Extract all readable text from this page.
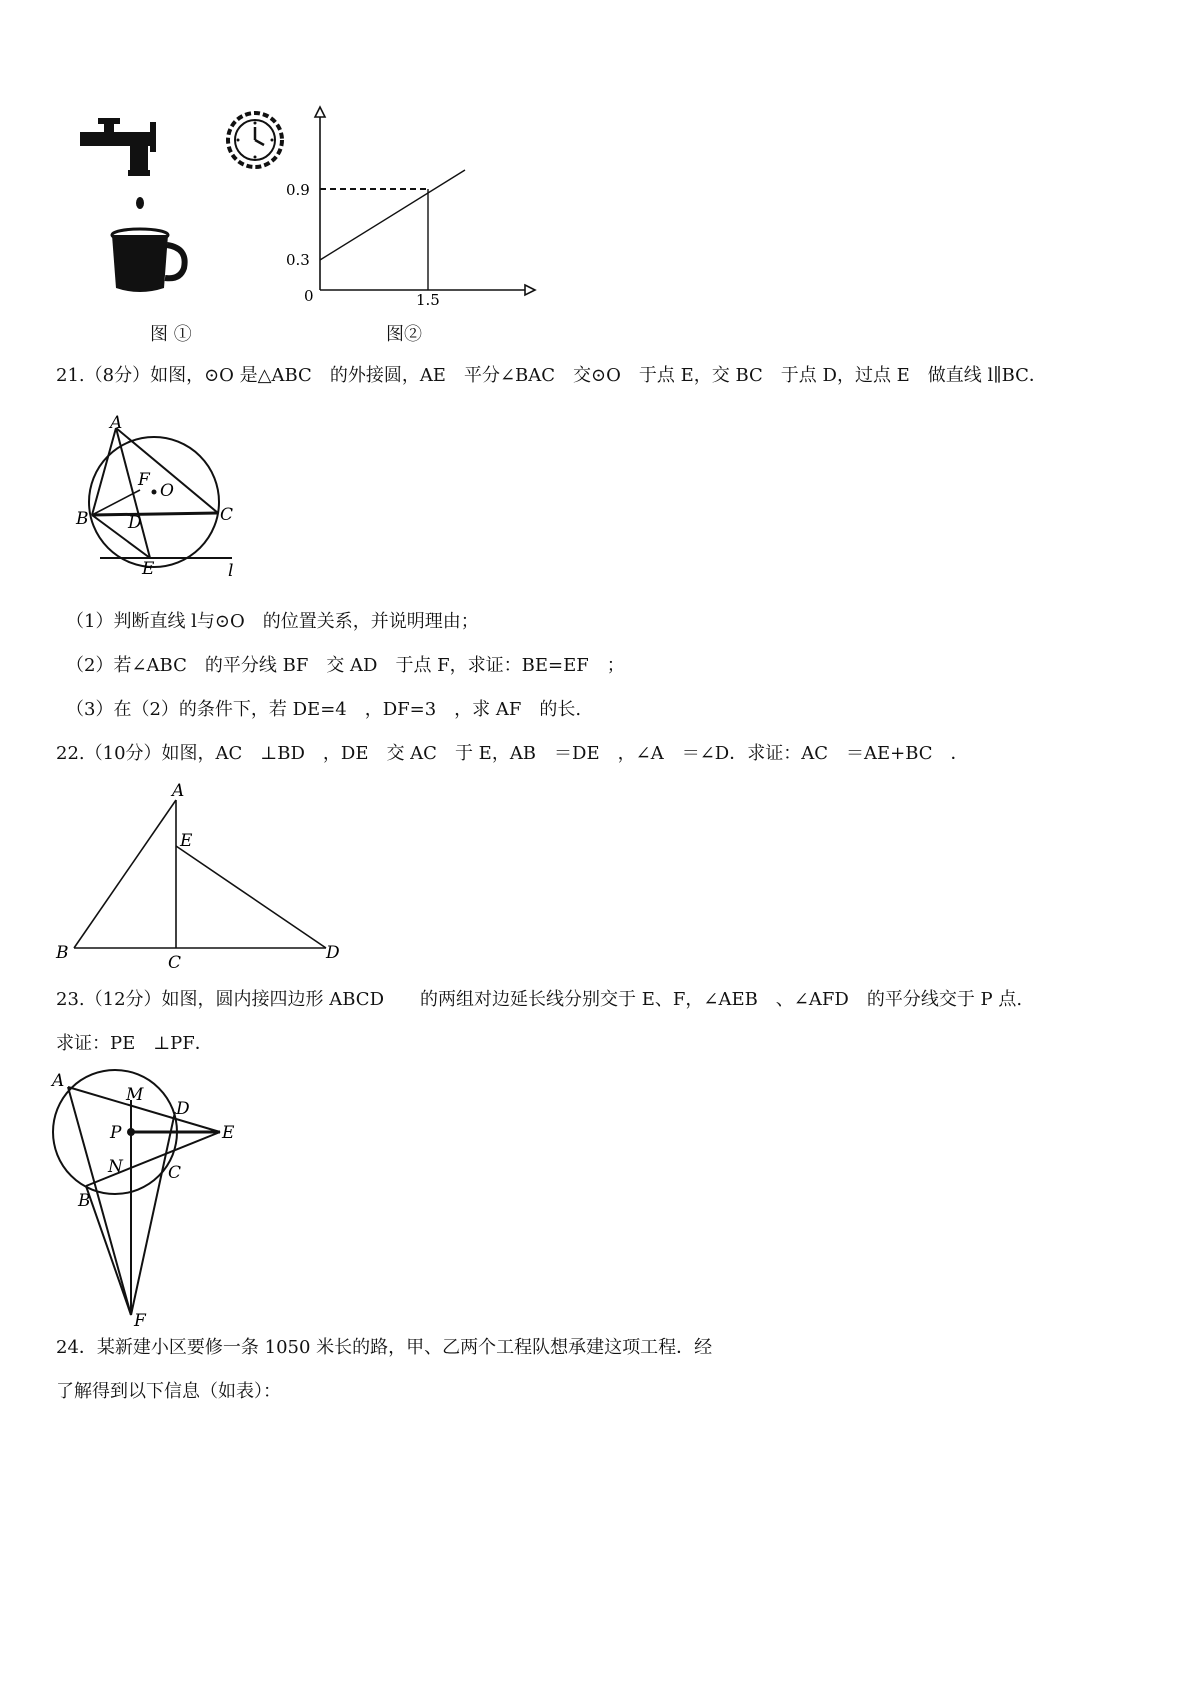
图 ①
0.9
0.3
0	1.5
图②
21.（8分）如图，⊙O 是△ABC　的外接圆，AE　平分∠BAC　交⊙O　于点 E，交 BC　于点 D，过点 E　做直线 l∥BC．
A
B	C
D
E
F
O
l
（1）判断直线 l与⊙O　的位置关系，并说明理由；
（2）若∠ABC　的平分线 BF　交 AD　于点 F，求证：BE=EF　；
（3）在（2）的条件下，若 DE=4　，DF=3　，求 AF　的长.
22.（10分）如图，AC　⊥BD　，DE　交 AC　于 E，AB　＝DE　，∠A　＝∠D．求证：AC　＝AE+BC　．
A
B	C	D
E
23.（12分）如图，圆内接四边形 ABCD　　的两组对边延长线分别交于 E、F，∠AEB　、∠AFD　的平分线交于 P 点.
求证：PE　⊥PF．
A
B
C
D
E
F
M
N
P
24．某新建小区要修一条 1050 米长的路，甲、乙两个工程队想承建这项工程．经
了解得到以下信息（如表）：
